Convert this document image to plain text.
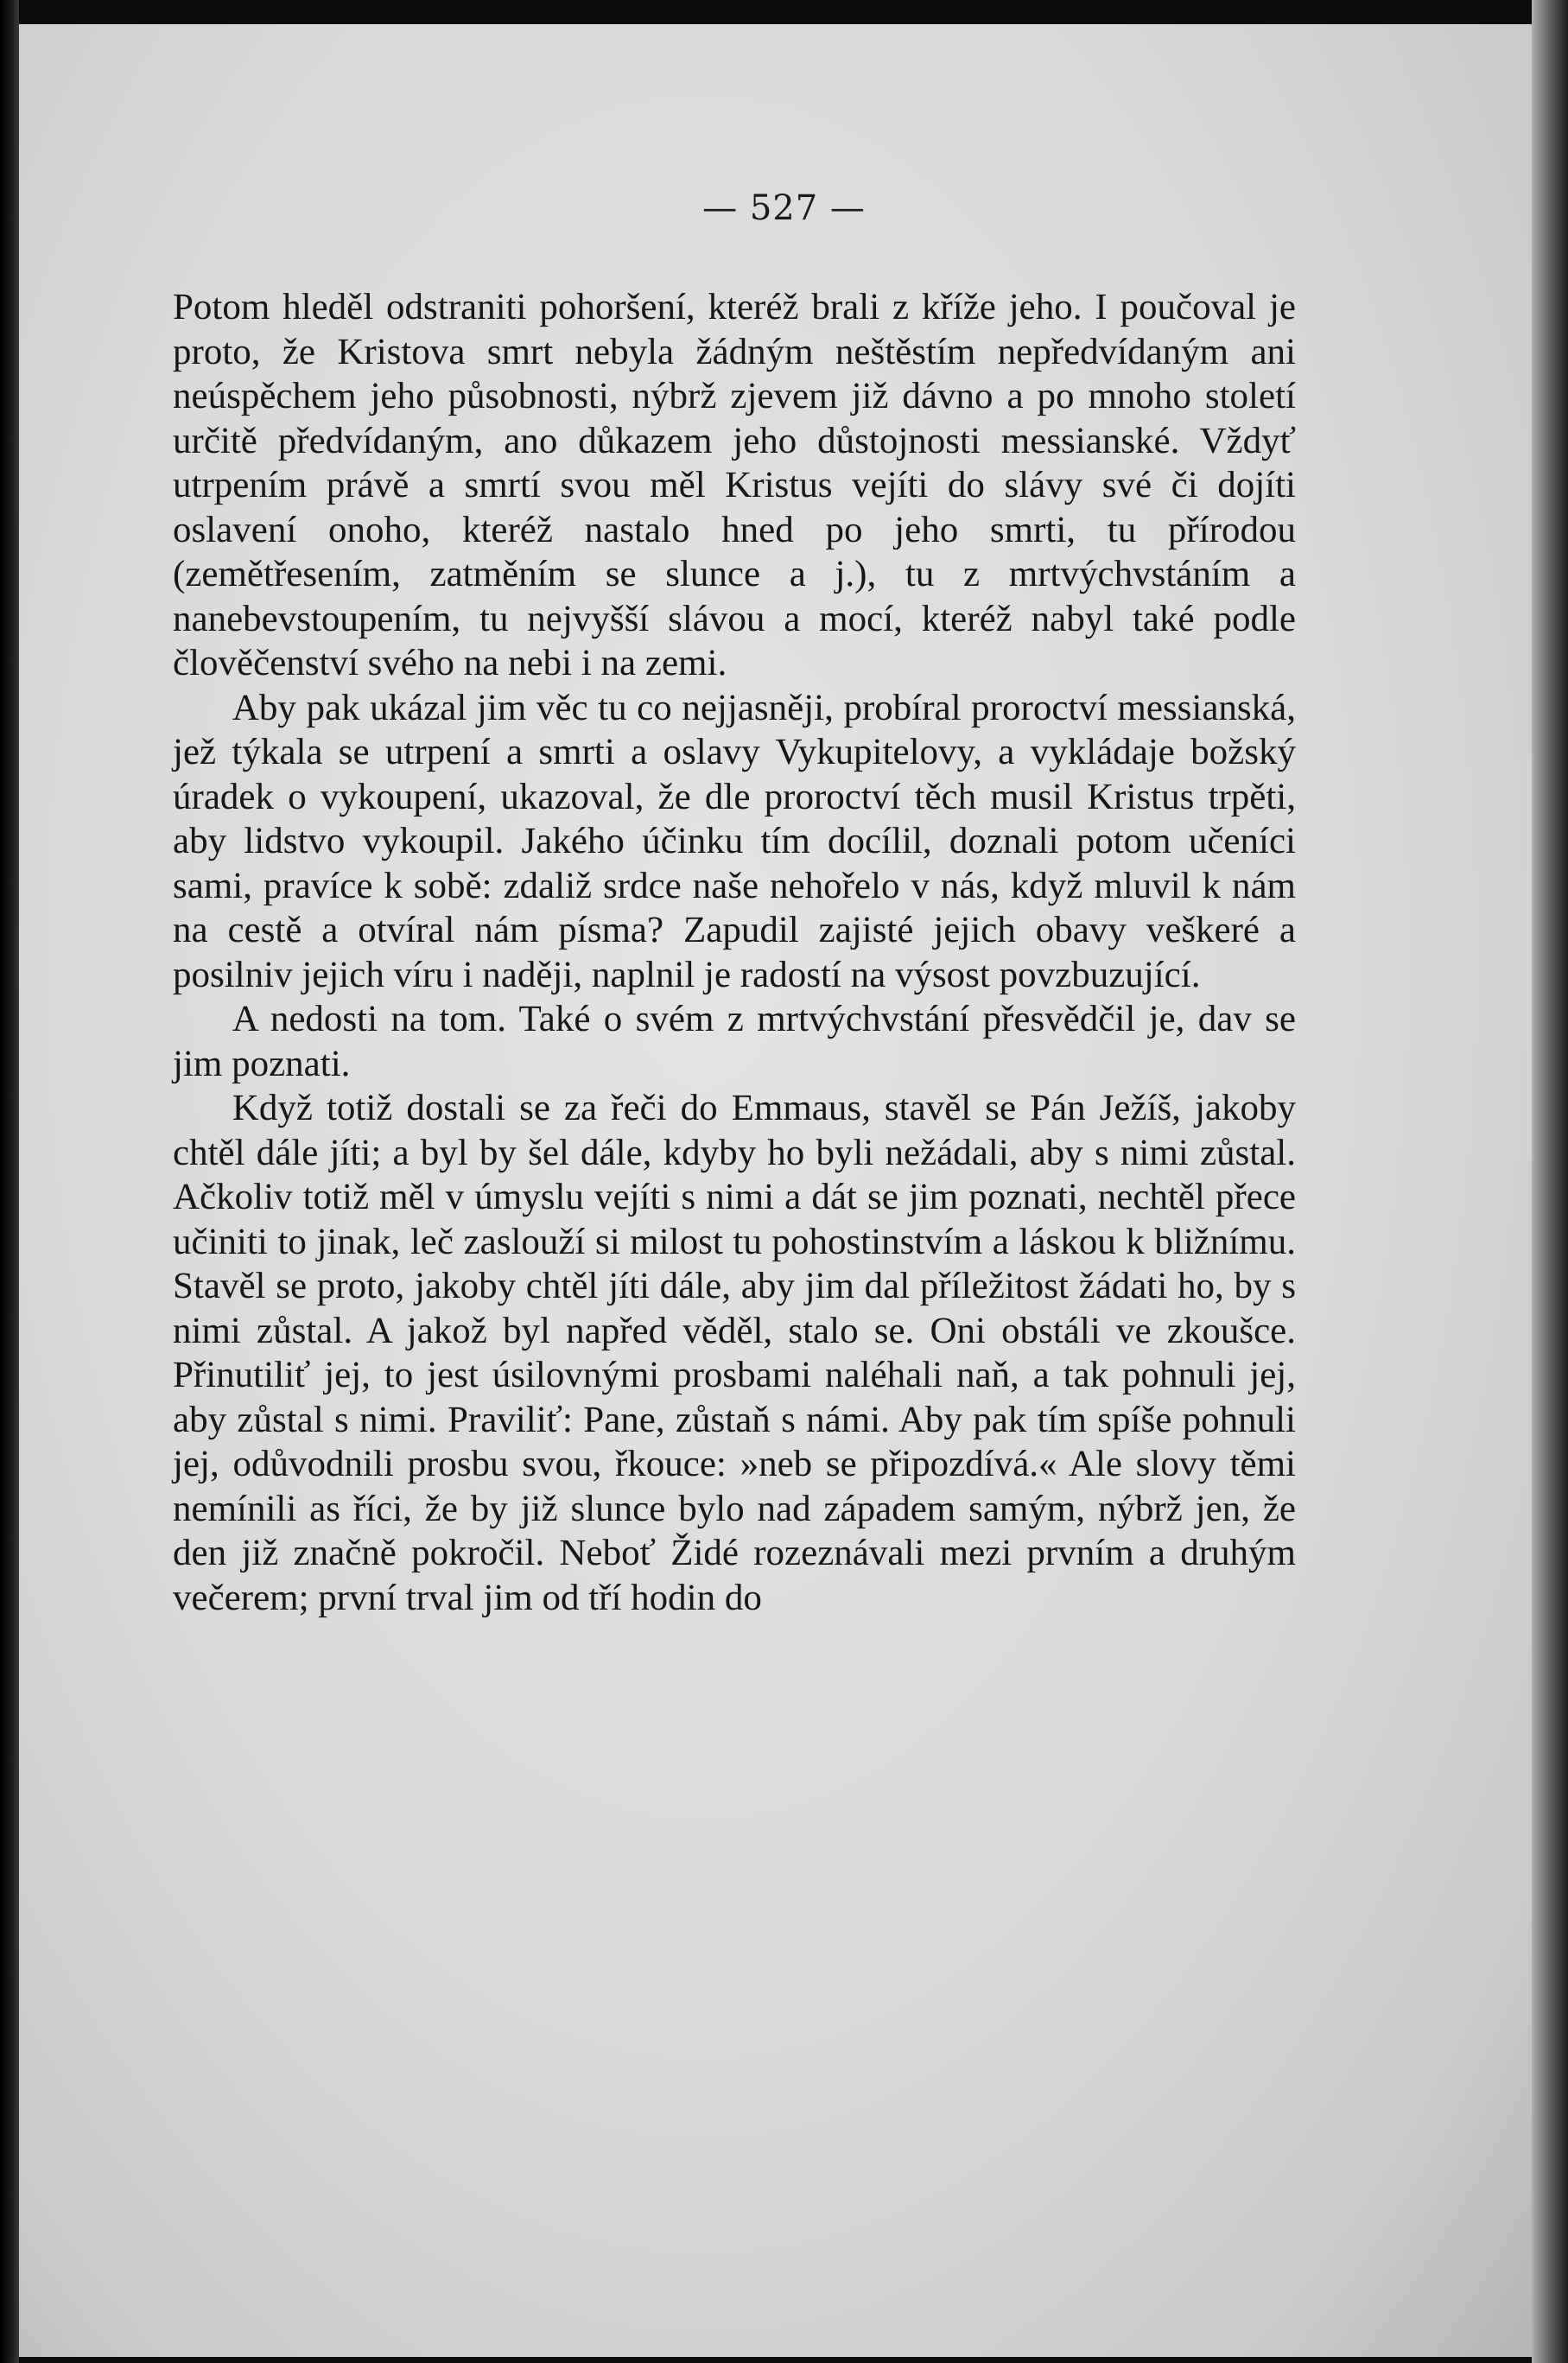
— 527 —

Potom hleděl odstraniti pohoršení, kteréž brali z kříže jeho. I poučoval je proto, že Kristova smrt nebyla žádným neštěstím nepředvídaným ani neúspěchem jeho působnosti, nýbrž zjevem již dávno a po mnoho století určitě předvídaným, ano důkazem jeho důstojnosti messianské. Vždyť utrpením právě a smrtí svou měl Kristus vejíti do slávy své či dojíti oslavení onoho, kteréž nastalo hned po jeho smrti, tu přírodou (zemětřesením, zatměním se slunce a j.), tu z mrtvýchvstáním a nanebevstoupením, tu nejvyšší slávou a mocí, kteréž nabyl také podle člověčenství svého na nebi i na zemi.

Aby pak ukázal jim věc tu co nejjasněji, probíral proroctví messianská, jež týkala se utrpení a smrti a oslavy Vykupitelovy, a vykládaje božský úradek o vykoupení, ukazoval, že dle proroctví těch musil Kristus trpěti, aby lidstvo vykoupil. Jakého účinku tím docílil, doznali potom učeníci sami, pravíce k sobě: zdaliž srdce naše nehořelo v nás, když mluvil k nám na cestě a otvíral nám písma? Zapudil zajisté jejich obavy veškeré a posilniv jejich víru i naději, naplnil je radostí na výsost povzbuzující.

A nedosti na tom. Také o svém z mrtvýchvstání přesvědčil je, dav se jim poznati.

Když totiž dostali se za řeči do Emmaus, stavěl se Pán Ježíš, jakoby chtěl dále jíti; a byl by šel dále, kdyby ho byli nežádali, aby s nimi zůstal. Ačkoliv totiž měl v úmyslu vejíti s nimi a dát se jim poznati, nechtěl přece učiniti to jinak, leč zaslouží si milost tu pohostinstvím a láskou k bližnímu. Stavěl se proto, jakoby chtěl jíti dále, aby jim dal příležitost žádati ho, by s nimi zůstal. A jakož byl napřed věděl, stalo se. Oni obstáli ve zkoušce. Přinutiliť jej, to jest úsilovnými prosbami naléhali naň, a tak pohnuli jej, aby zůstal s nimi. Praviliť: Pane, zůstaň s námi. Aby pak tím spíše pohnuli jej, odůvodnili prosbu svou, řkouce: »neb se připozdívá.« Ale slovy těmi nemínili as říci, že by již slunce bylo nad západem samým, nýbrž jen, že den již značně pokročil. Neboť Židé rozeznávali mezi prvním a druhým večerem; první trval jim od tří hodin do
